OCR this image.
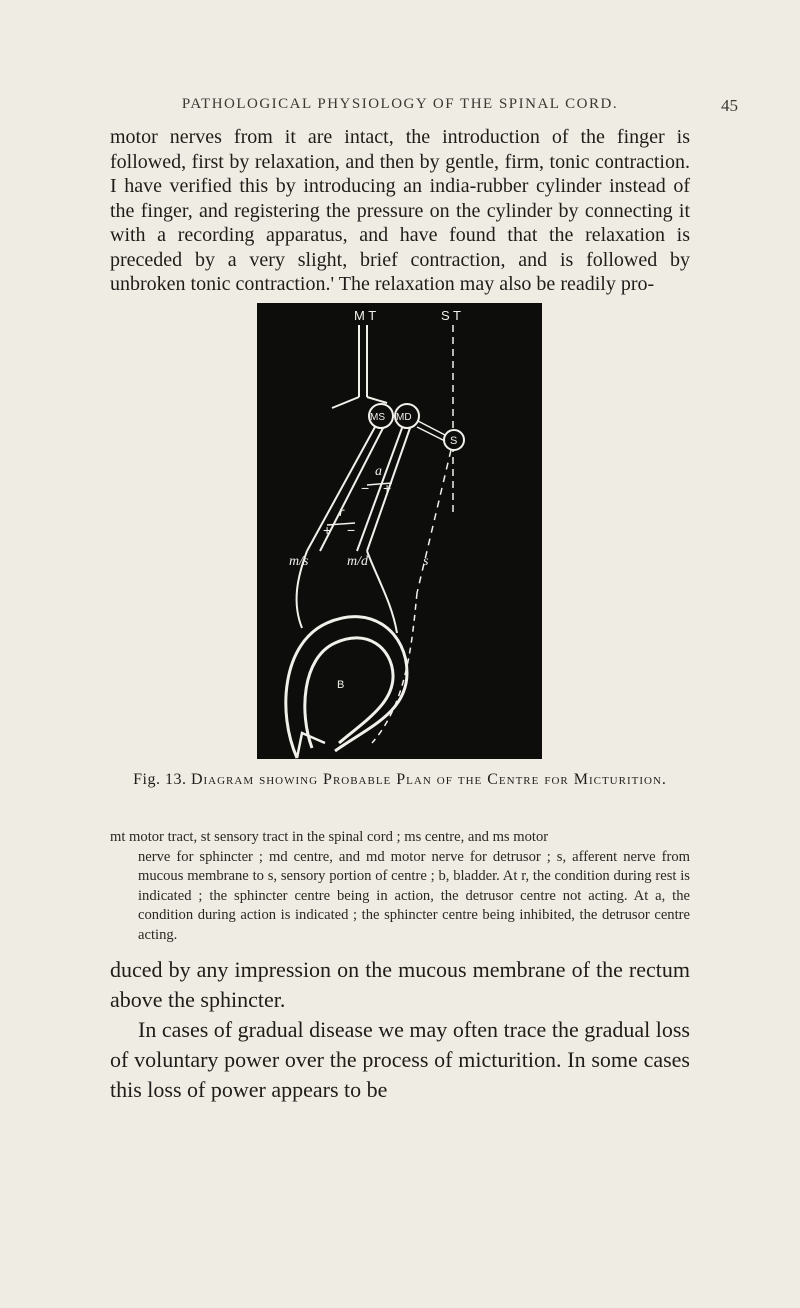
PATHOLOGICAL PHYSIOLOGY OF THE SPINAL CORD.	45

motor nerves from it are intact, the introduction of the finger is followed, first by relaxation, and then by gentle, firm, tonic contraction. I have verified this by introducing an india-rubber cylinder instead of the finger, and registering the pressure on the cylinder by connecting it with a recording apparatus, and have found that the relaxation is preceded by a very slight, brief contraction, and is followed by unbroken tonic contraction.' The relaxation may also be readily pro-

M T	S T
MS MD
S
a
− +
r
+ −
m/s	m/d	s
B
Fig. 13. Diagram showing Probable Plan of the Centre for Micturition.
mt motor tract, st sensory tract in the spinal cord ; ms centre, and ms motor
nerve for sphincter ; md centre, and md motor nerve for detrusor ; s, afferent nerve from mucous membrane to s, sensory portion of centre ; b, bladder. At r, the condition during rest is indicated ; the sphincter centre being in action, the detrusor centre not acting. At a, the condition during action is indicated ; the sphincter centre being inhibited, the detrusor centre acting.

duced by any impression on the mucous membrane of the rectum above the sphincter.

In cases of gradual disease we may often trace the gradual loss of voluntary power over the process of micturition. In some cases this loss of power appears to be
